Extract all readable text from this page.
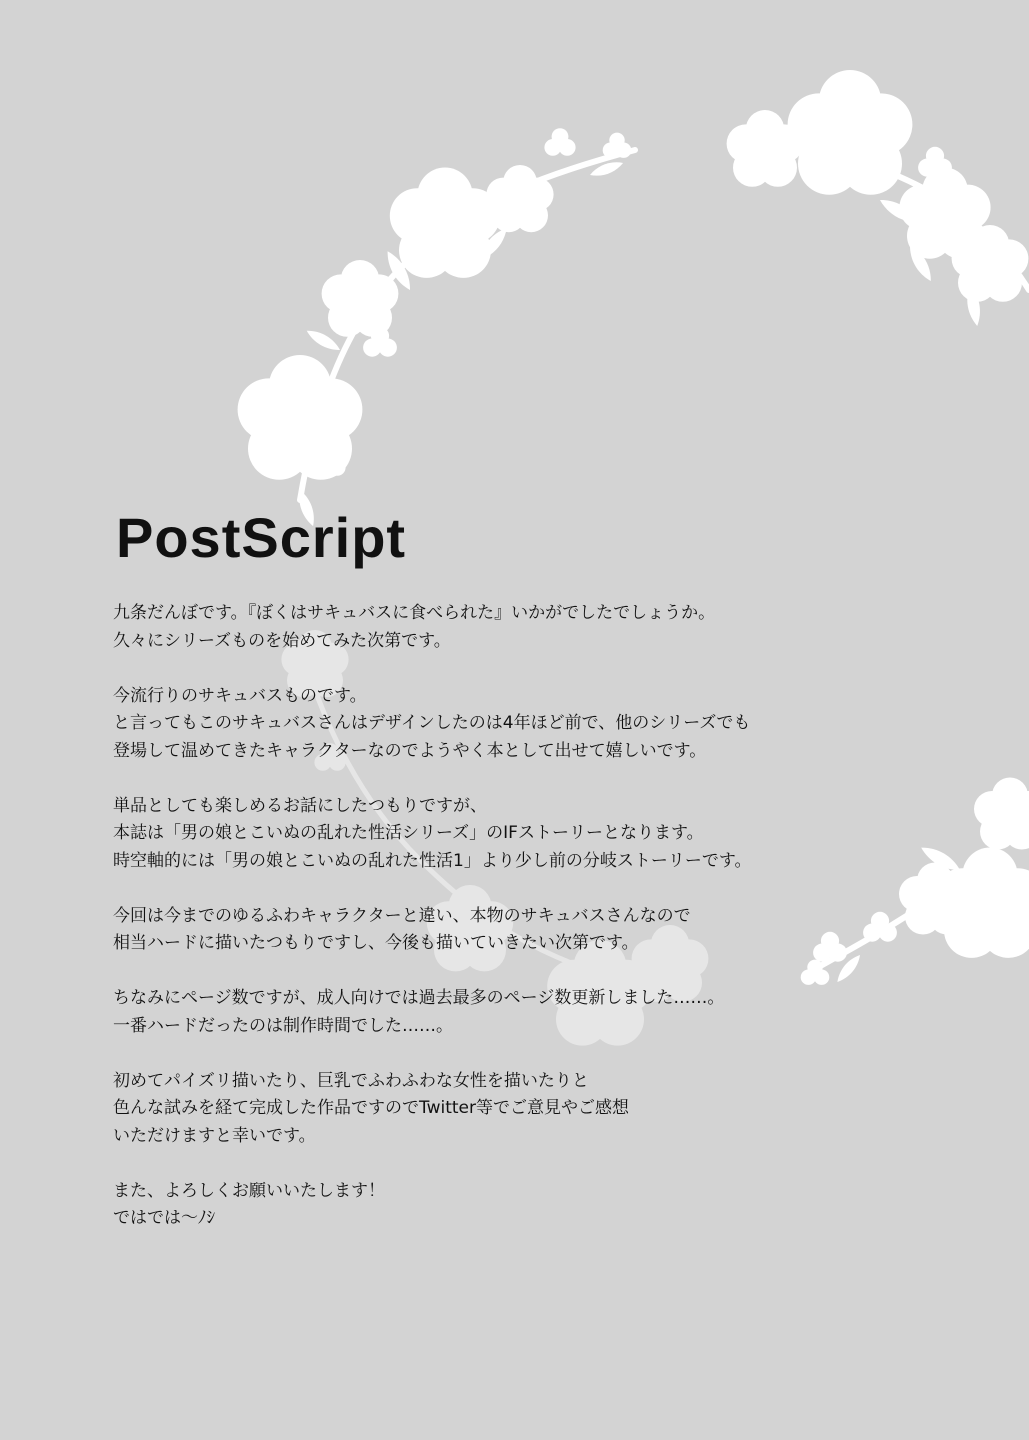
PostScript

九条だんぼです。『ぼくはサキュバスに食べられた』いかがでしたでしょうか。
久々にシリーズものを始めてみた次第です。

今流行りのサキュバスものです。
と言ってもこのサキュバスさんはデザインしたのは4年ほど前で、他のシリーズでも
登場して温めてきたキャラクターなのでようやく本として出せて嬉しいです。

単品としても楽しめるお話にしたつもりですが、
本誌は「男の娘とこいぬの乱れた性活シリーズ」のIFストーリーとなります。
時空軸的には「男の娘とこいぬの乱れた性活1」より少し前の分岐ストーリーです。

今回は今までのゆるふわキャラクターと違い、本物のサキュバスさんなので
相当ハードに描いたつもりですし、今後も描いていきたい次第です。

ちなみにページ数ですが、成人向けでは過去最多のページ数更新しました……。
一番ハードだったのは制作時間でした……。

初めてパイズリ描いたり、巨乳でふわふわな女性を描いたりと
色んな試みを経て完成した作品ですのでTwitter等でご意見やご感想
いただけますと幸いです。

また、よろしくお願いいたします！
ではでは～ﾉｼ
